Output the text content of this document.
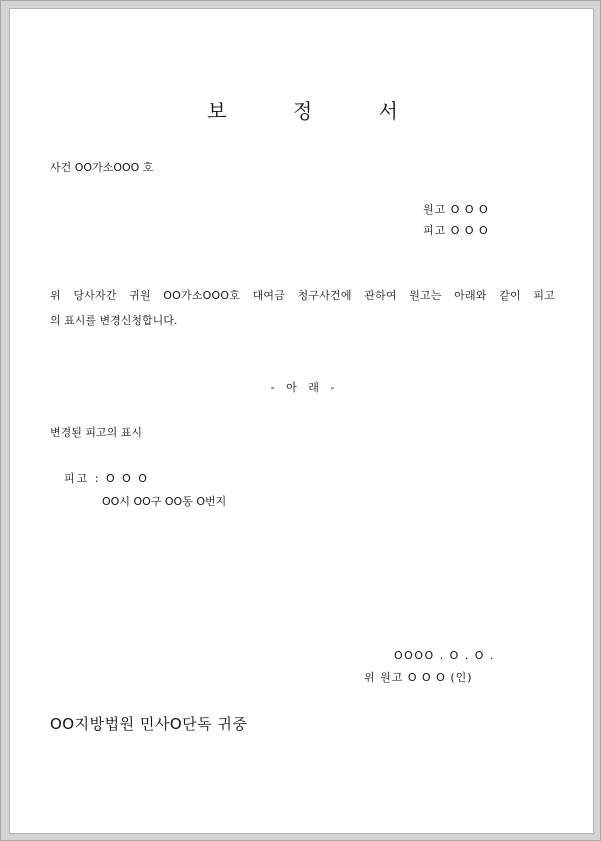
보 정 서
사건 OO가소OOO 호
원고 O O O
피고 O O O
위 당사자간 귀원 OO가소OOO호 대여금 청구사건에 관하여 원고는 아래와 같이 피고
의 표시를 변경신청합니다.
- 아 래 -
변경된 피고의 표시
피고 : O O O
OO시 OO구 OO동 O번지
OOOO . O . O .
위 원고 O O O (인)
OO지방법원 민사O단독 귀중
